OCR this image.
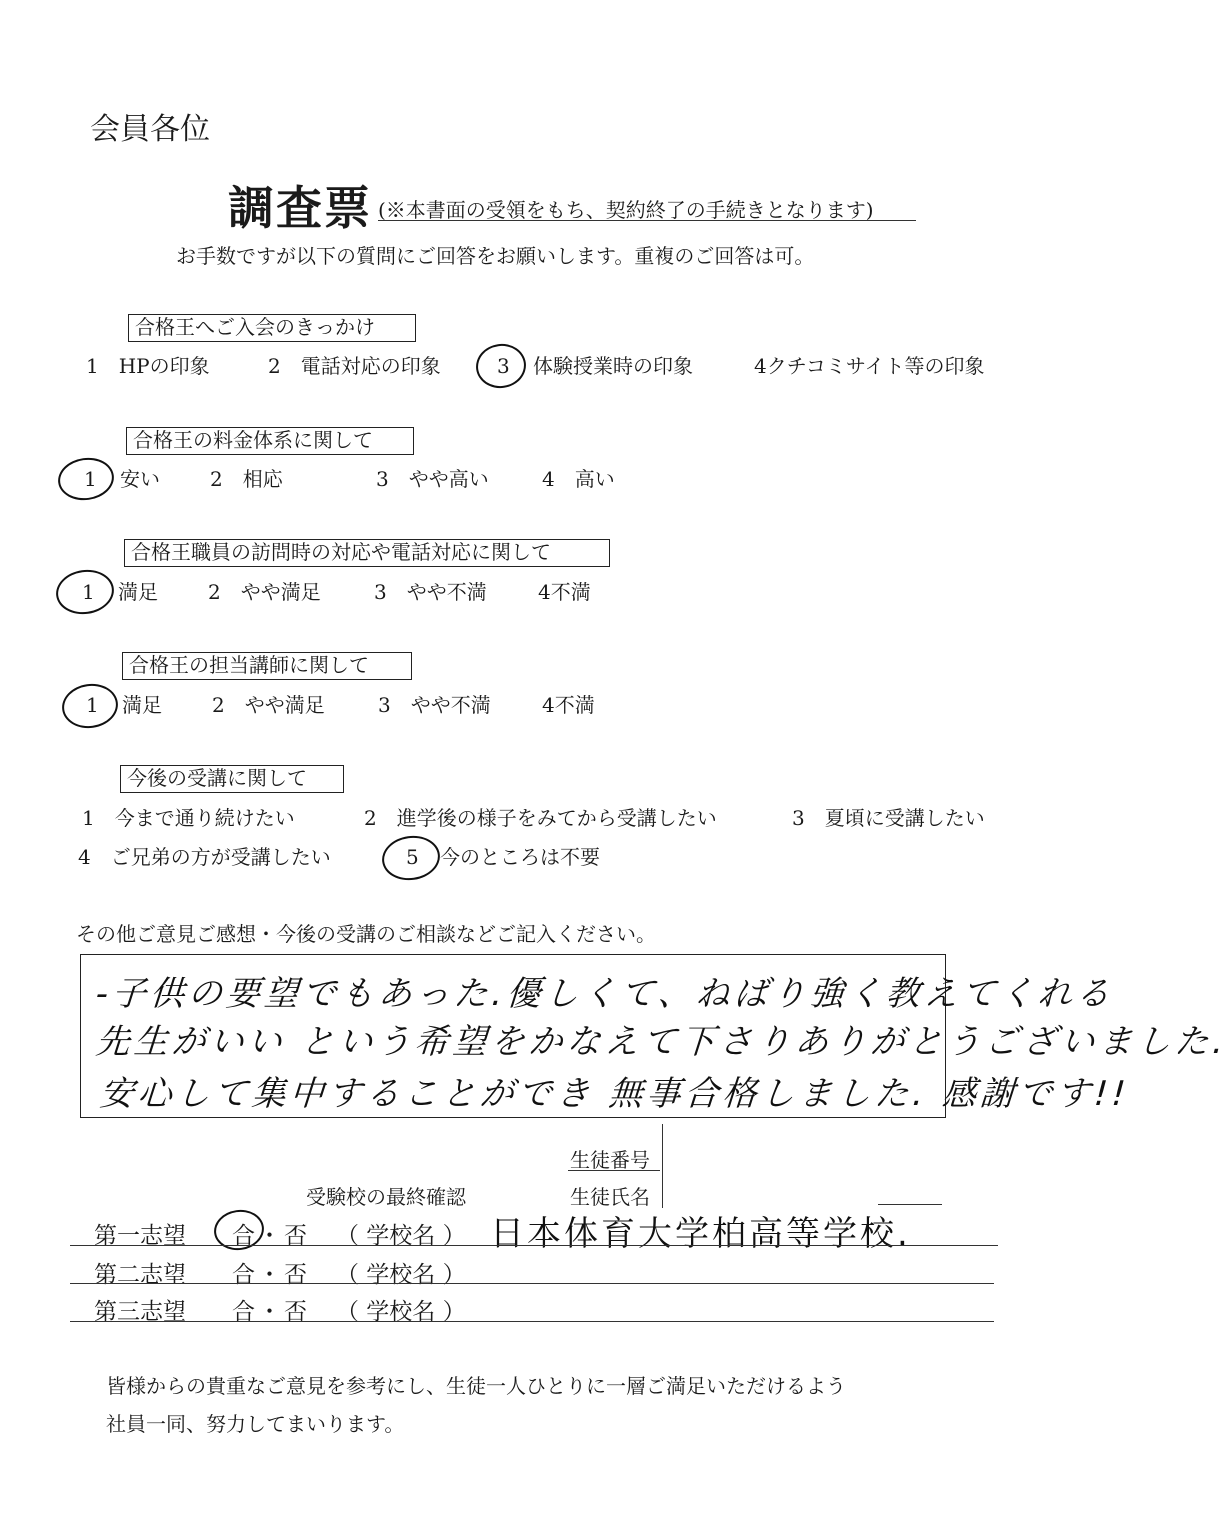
会員各位
調査票 (※本書面の受領をもち、契約終了の手続きとなります)
お手数ですが以下の質問にご回答をお願いします。重複のご回答は可。
合格王へご入会のきっかけ
1　HPの印象	2　電話対応の印象	3 体験授業時の印象	4クチコミサイト等の印象
合格王の料金体系に関して
1 安い	2　相応	3　やや高い	4　高い
合格王職員の訪問時の対応や電話対応に関して
1 満足	2　やや満足	3　やや不満	4不満
合格王の担当講師に関して
1 満足	2　やや満足	3　やや不満	4不満
今後の受講に関して
1　今まで通り続けたい	2　進学後の様子をみてから受講したい	3　夏頃に受講したい
4　ご兄弟の方が受講したい	5 今のところは不要
その他ご意見ご感想・今後の受講のご相談などご記入ください。
-子供の要望でもあった.優しくて、ねばり強く教えてくれる
先生がいい という希望をかなえて下さりありがとうございました.
安心して集中することができ 無事合格しました. 感謝です!!
生徒番号
受験校の最終確認	生徒氏名
第一志望 合 ・ 否 （ 学校名 ） 日本体育大学柏高等学校.
第二志望 合 ・ 否 （ 学校名 ）
第三志望 合 ・ 否 （ 学校名 ）
皆様からの貴重なご意見を参考にし、生徒一人ひとりに一層ご満足いただけるよう
社員一同、努力してまいります。
